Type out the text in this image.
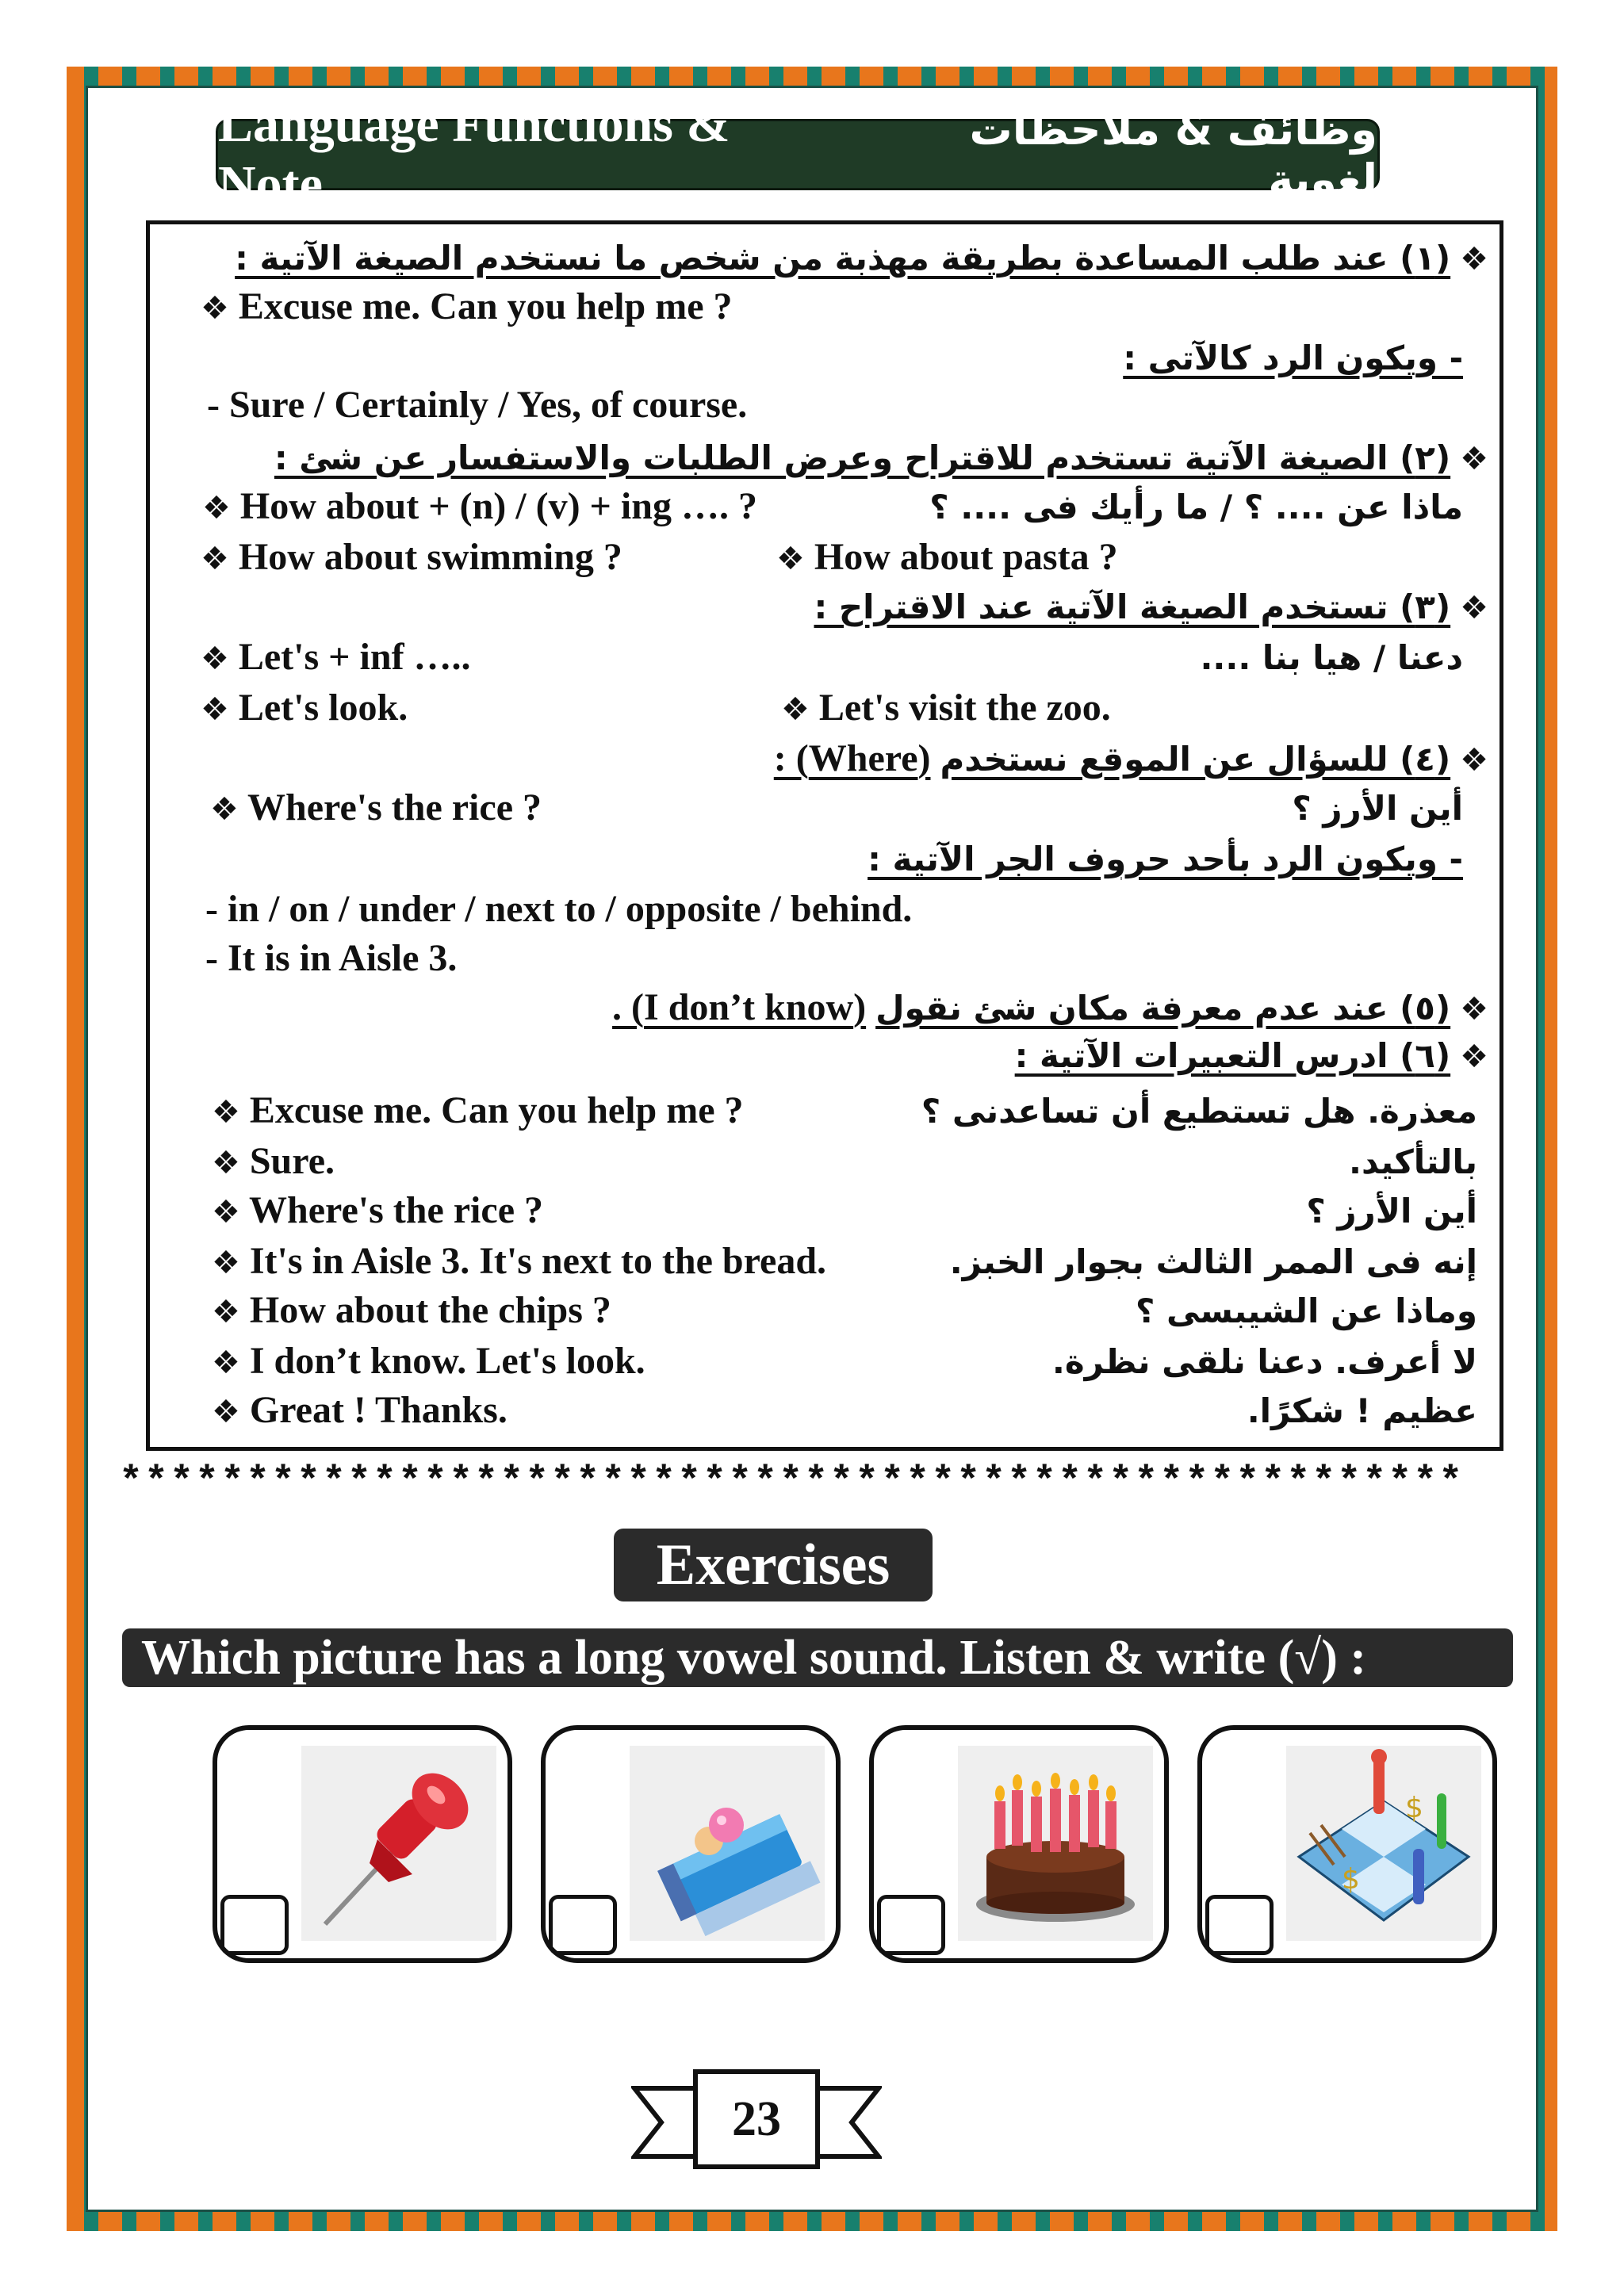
Language Functions & Note
وظائف & ملاحظات لغوية
❖ (١) عند طلب المساعدة بطريقة مهذبة من شخص ما نستخدم الصيغة الآتية :
❖ Excuse me. Can you help me ?
- ويكون الرد كالآتى :
- Sure / Certainly / Yes, of course.
❖ (٢) الصيغة الآتية تستخدم للاقتراح وعرض الطلبات والاستفسار عن شئ :
❖ How about + (n) / (v) + ing …. ?	ماذا عن .... ؟ / ما رأيك فى .... ؟
❖ How about swimming ?	❖ How about pasta ?
❖ (٣) تستخدم الصيغة الآتية عند الاقتراح :
❖ Let's + inf …..	دعنا / هيا بنا ....
❖ Let's look.	❖ Let's visit the zoo.
❖ (٤) للسؤال عن الموقع نستخدم (Where) :
❖ Where's the rice ?	أين الأرز ؟
- ويكون الرد بأحد حروف الجر الآتية :
- in / on / under / next to / opposite / behind.
- It is in Aisle 3.
❖ (٥) عند عدم معرفة مكان شئ نقول (I don’t know) .
❖ (٦) ادرس التعبيرات الآتية :
❖ Excuse me. Can you help me ?	معذرة. هل تستطيع أن تساعدنى ؟
❖ Sure.	بالتأكيد.
❖ Where's the rice ?	أين الأرز ؟
❖ It's in Aisle 3. It's next to the bread.	إنه فى الممر الثالث بجوار الخبز.
❖ How about the chips ?	وماذا عن الشيبسى ؟
❖ I don’t know. Let's look.	لا أعرف. دعنا نلقى نظرة.
❖ Great ! Thanks.	عظيم ! شكرًا.
*****************************************************
Exercises
Which picture has a long vowel sound. Listen & write (√) :
$
$
23
